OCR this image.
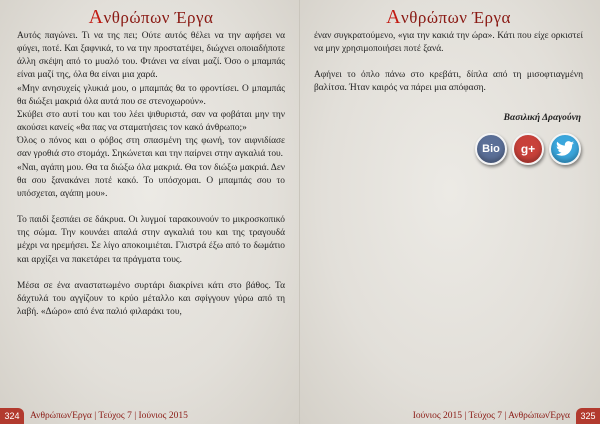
Ανθρώπων Έργα

Αυτός παγώνει. Τι να της πει; Ούτε αυτός θέλει να την αφήσει να φύγει, ποτέ. Και ξαφνικά, το να την προστατέψει, διώχνει οποιαδήποτε άλλη σκέψη από το μυαλό του. Φτάνει να είναι μαζί. Όσο ο μπαμπάς είναι μαζί της, όλα θα είναι μια χαρά.

«Μην ανησυχείς γλυκιά μου, ο μπαμπάς θα το φροντίσει. Ο μπαμπάς θα διώξει μακριά όλα αυτά που σε στενοχωρούν».

Σκύβει στο αυτί του και του λέει ψιθυριστά, σαν να φοβάται μην την ακούσει κανείς «θα πας να σταματήσεις τον κακό άνθρωπο;»

Όλος ο πόνος και ο φόβος στη σπασμένη της φωνή, τον αιφνιδίασε σαν γροθιά στο στομάχι. Σηκώνεται και την παίρνει στην αγκαλιά του.

«Ναι, αγάπη μου. Θα τα διώξω όλα μακριά. Θα τον διώξω μακριά. Δεν θα σου ξανακάνει ποτέ κακό. Το υπόσχομαι. Ο μπαμπάς σου το υπόσχεται, αγάπη μου».

Το παιδί ξεσπάει σε δάκρυα. Οι λυγμοί ταρακουνούν το μικροσκοπικό της σώμα. Την κουνάει απαλά στην αγκαλιά του και της τραγουδά μέχρι να ηρεμήσει. Σε λίγο αποκοιμιέται. Γλιστρά έξω από το δωμάτιο και αρχίζει να πακετάρει τα πράγματα τους.

Μέσα σε ένα αναστατωμένο συρτάρι διακρίνει κάτι στο βάθος. Τα δάχτυλά του αγγίζουν το κρύο μέταλλο και σφίγγουν γύρω από τη λαβή. «Δώρο» από ένα παλιό φιλαράκι του,

324	ΑνθρώπωνΈργα | Τεύχος 7 | Ιούνιος 2015
Ανθρώπων Έργα

έναν συγκρατούμενο, «για την κακιά την ώρα». Κάτι που είχε ορκιστεί να μην χρησιμοποιήσει ποτέ ξανά.

Αφήνει το όπλο πάνω στο κρεβάτι, δίπλα από τη μισοφτιαγμένη βαλίτσα. Ήταν καιρός να πάρει μια απόφαση.

Βασιλική Δραγούνη
Bio	g+
Ιούνιος 2015 | Τεύχος 7 | ΑνθρώπωνΈργα	325
